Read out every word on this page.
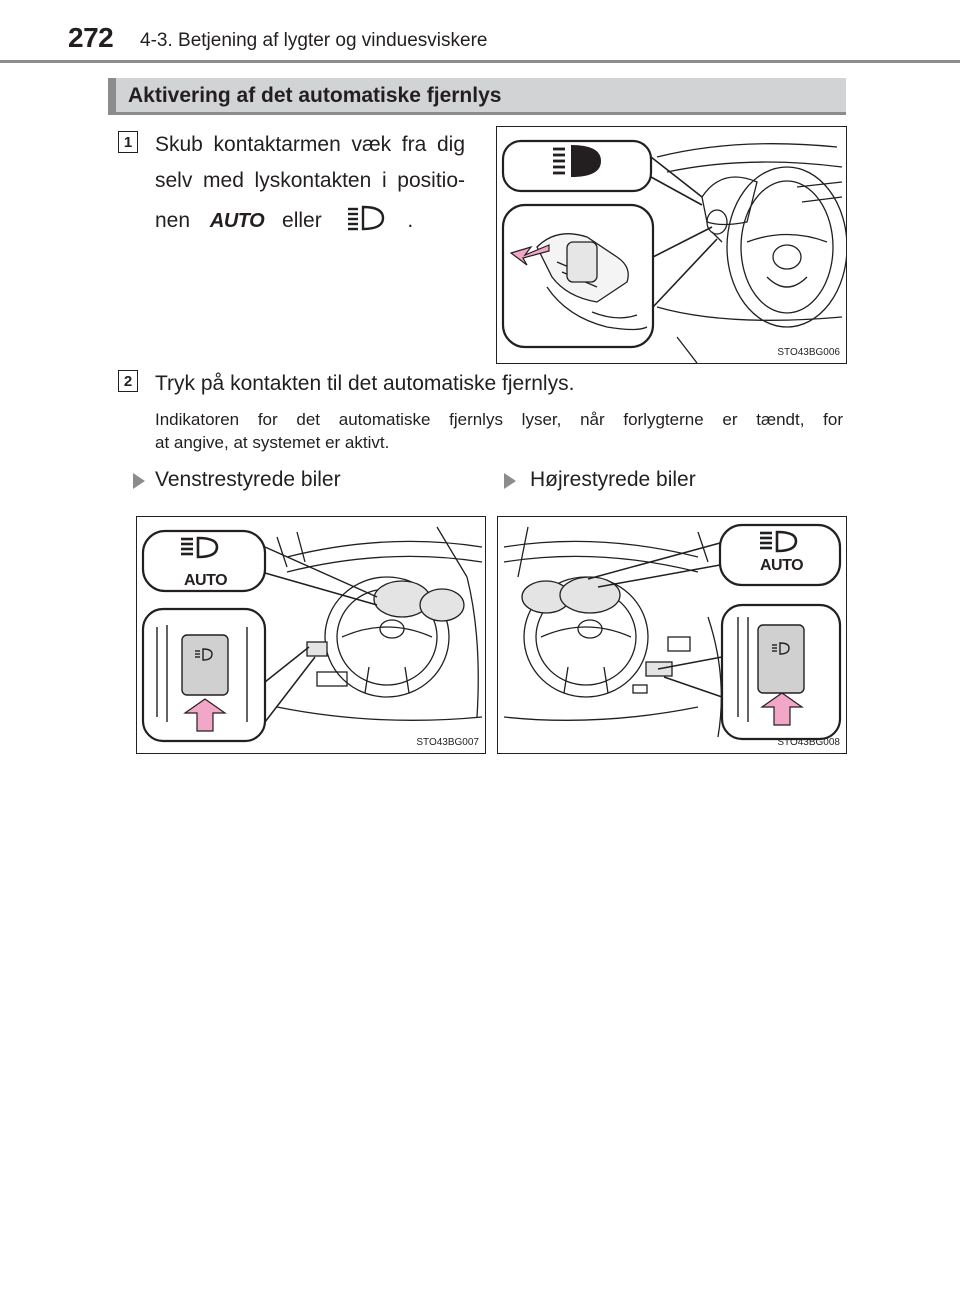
272 4-3. Betjening af lygter og vinduesviskere
Aktivering af det automatiske fjernlys
1 Skub kontaktarmen væk fra dig
selv med lyskontakten i positio-
nen AUTO eller	.
STO43BG006
2 Tryk på kontakten til det automatiske fjernlys.
Indikatoren for det automatiske fjernlys lyser, når forlygterne er tændt, for
at angive, at systemet er aktivt.
Venstrestyrede biler	Højrestyrede biler
AUTO
STO43BG007
AUTO
STO43BG008
